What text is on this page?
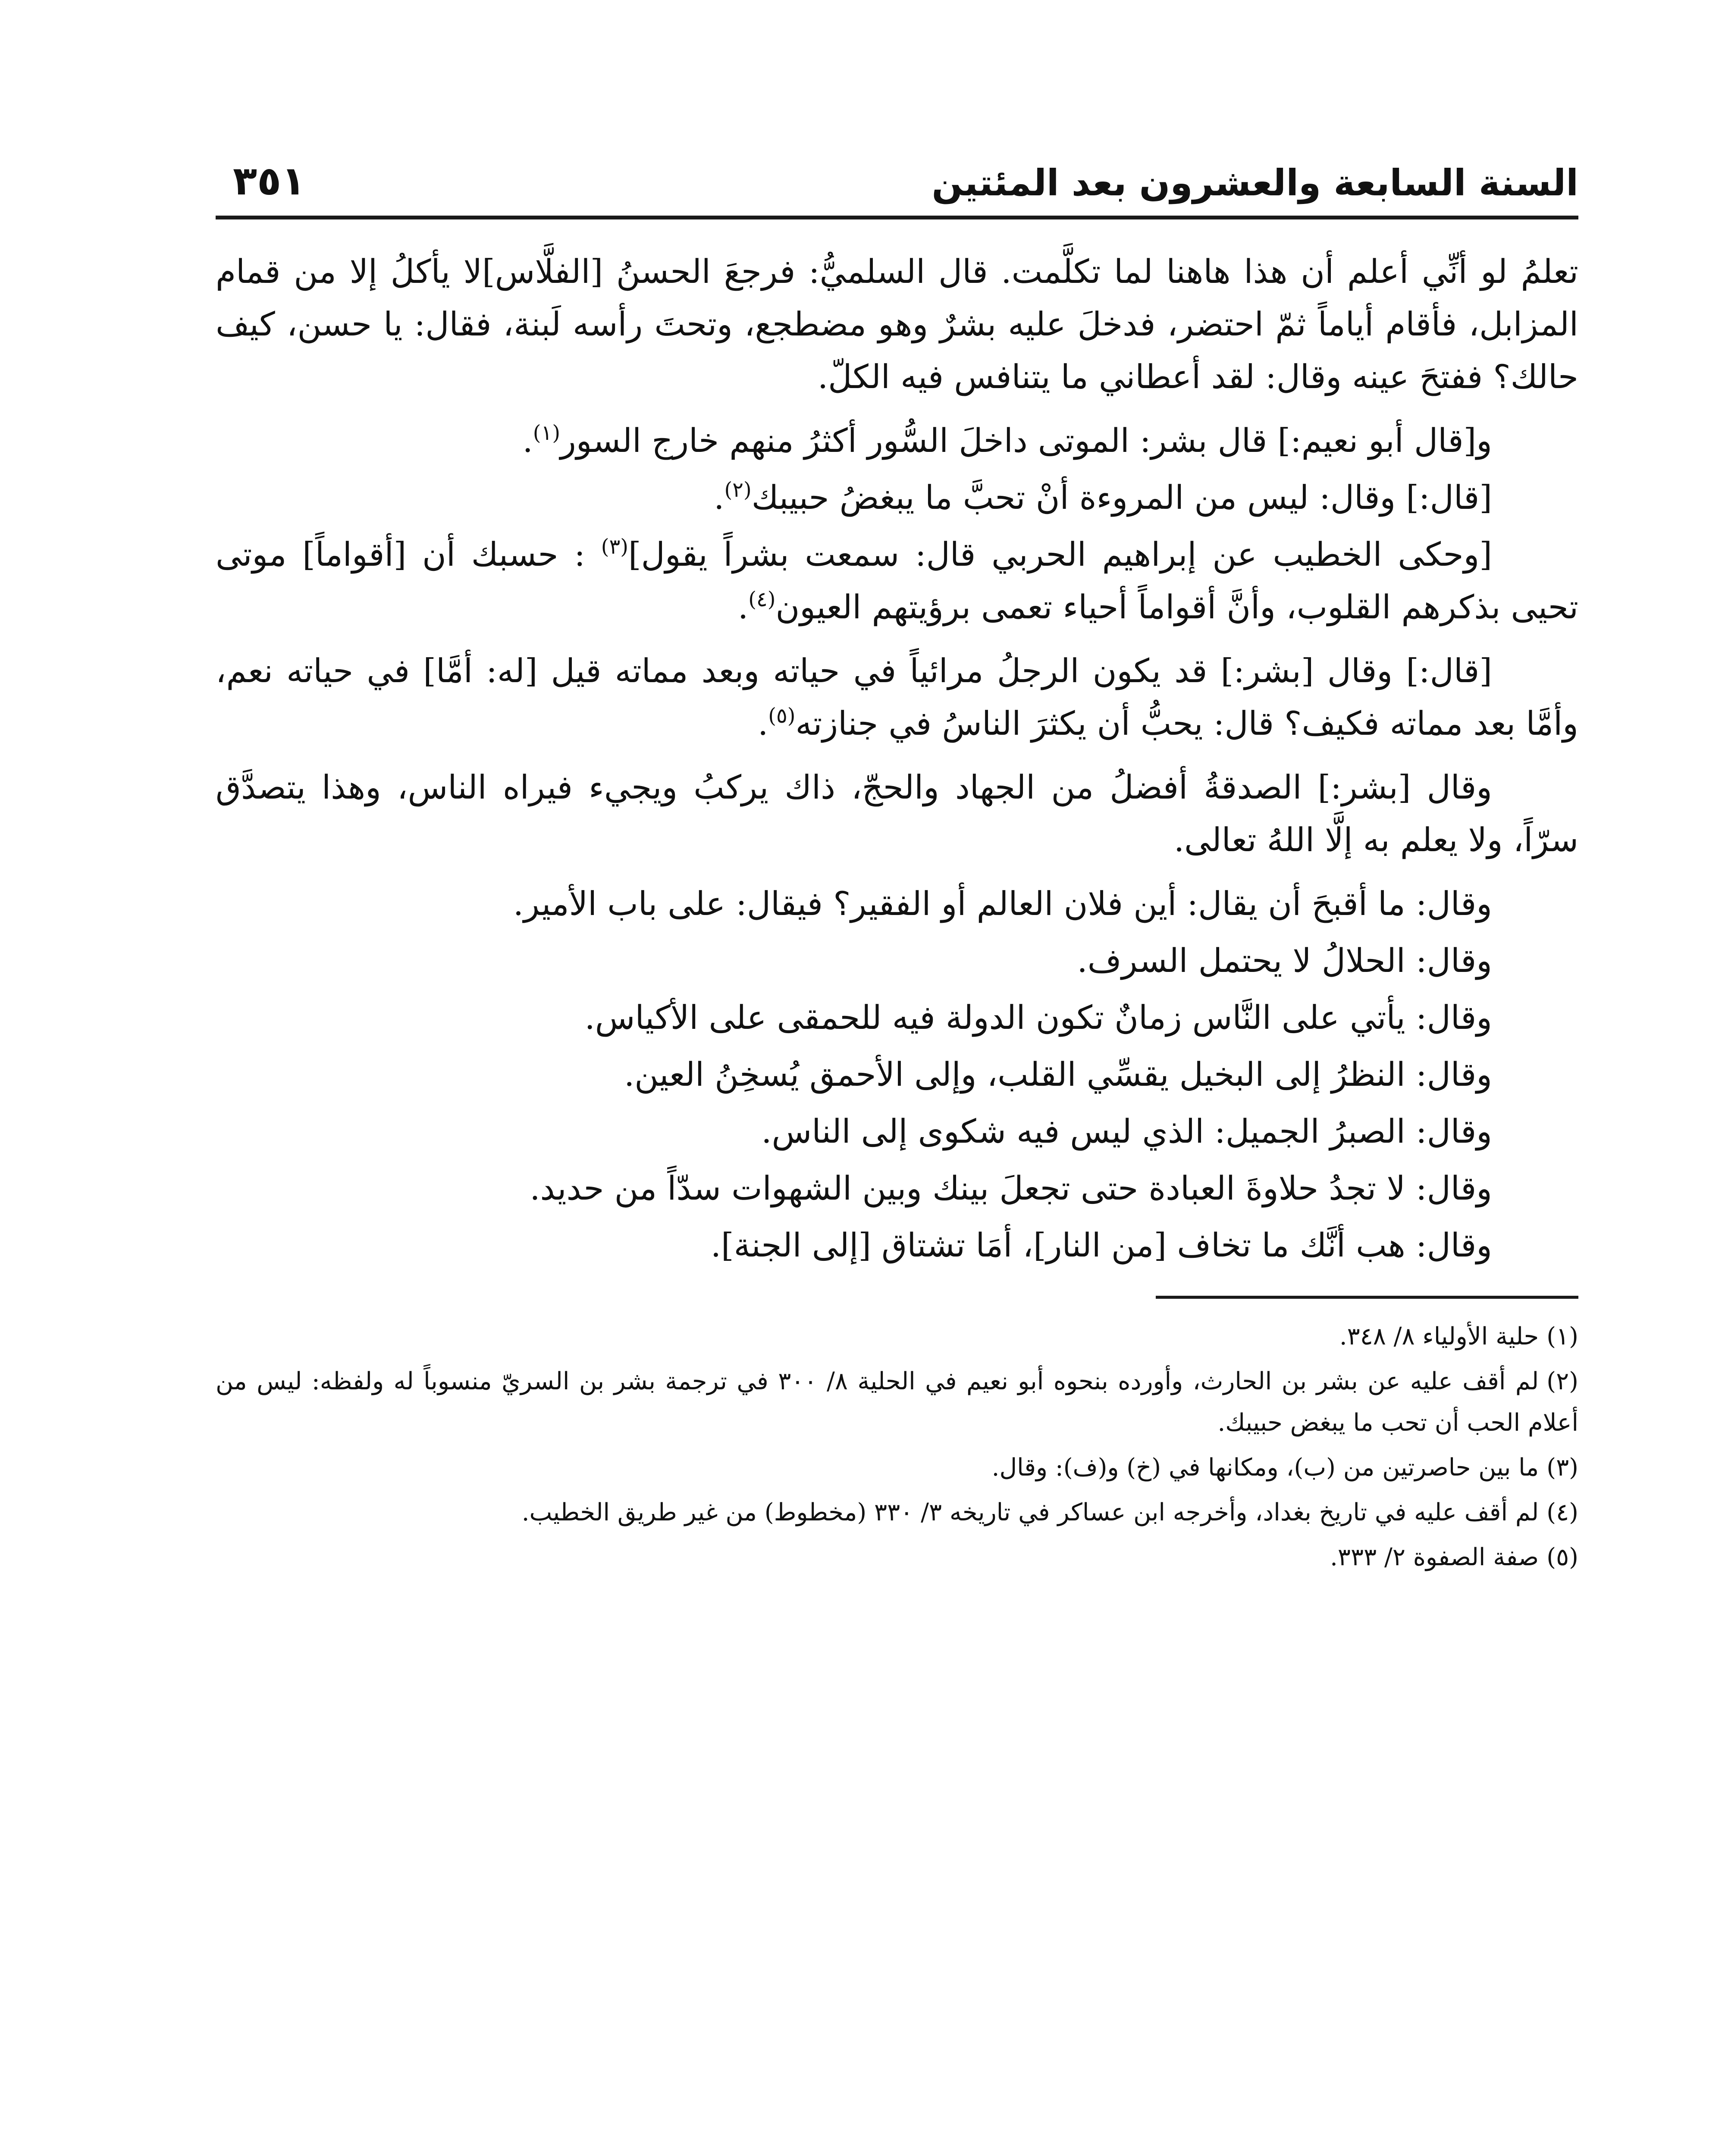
السنة السابعة والعشرون بعد المئتين
٣٥١

تعلمُ لو أنِّي أعلم أن هذا هاهنا لما تكلَّمت. قال السلميُّ: فرجعَ الحسنُ [الفلَّاس]لا يأكلُ إلا من قمام المزابل، فأقام أياماً ثمّ احتضر، فدخلَ عليه بشرٌ وهو مضطجع، وتحتَ رأسه لَبنة، فقال: يا حسن، كيف حالك؟ ففتحَ عينه وقال: لقد أعطاني ما يتنافس فيه الكلّ.

و[قال أبو نعيم:] قال بشر: الموتى داخلَ السُّور أكثرُ منهم خارج السور$^{(١)}$.

[قال:] وقال: ليس من المروءة أنْ تحبَّ ما يبغضُ حبيبك$^{(٢)}$.

[وحكى الخطيب عن إبراهيم الحربي قال: سمعت بشراً يقول]$^{(٣)}$ : حسبك أن [أقواماً] موتى تحيى بذكرهم القلوب، وأنَّ أقواماً أحياء تعمى برؤيتهم العيون$^{(٤)}$.

[قال:] وقال [بشر:] قد يكون الرجلُ مرائياً في حياته وبعد مماته قيل [له: أمَّا] في حياته نعم، وأمَّا بعد مماته فكيف؟ قال: يحبُّ أن يكثرَ الناسُ في جنازته$^{(٥)}$.

وقال [بشر:] الصدقةُ أفضلُ من الجهاد والحجّ، ذاك يركبُ ويجيء فيراه الناس، وهذا يتصدَّق سرّاً، ولا يعلم به إلَّا اللهُ تعالى.

وقال: ما أقبحَ أن يقال: أين فلان العالم أو الفقير؟ فيقال: على باب الأمير.

وقال: الحلالُ لا يحتمل السرف.

وقال: يأتي على النَّاس زمانٌ تكون الدولة فيه للحمقى على الأكياس.

وقال: النظرُ إلى البخيل يقسِّي القلب، وإلى الأحمق يُسخِنُ العين.

وقال: الصبرُ الجميل: الذي ليس فيه شكوى إلى الناس.

وقال: لا تجدُ حلاوةَ العبادة حتى تجعلَ بينك وبين الشهوات سدّاً من حديد.

وقال: هب أنَّك ما تخاف [من النار]، أمَا تشتاق [إلى الجنة].

(١)حلية الأولياء ٨/ ٣٤٨.

(٢)لم أقف عليه عن بشر بن الحارث، وأورده بنحوه أبو نعيم في الحلية ٨/ ٣٠٠ في ترجمة بشر بن السريّ منسوباً له ولفظه: ليس من أعلام الحب أن تحب ما يبغض حبيبك.

(٣)ما بين حاصرتين من (ب)، ومكانها في (خ) و(ف): وقال.

(٤)لم أقف عليه في تاريخ بغداد، وأخرجه ابن عساكر في تاريخه ٣/ ٣٣٠ (مخطوط) من غير طريق الخطيب.

(٥)صفة الصفوة ٢/ ٣٣٣.
